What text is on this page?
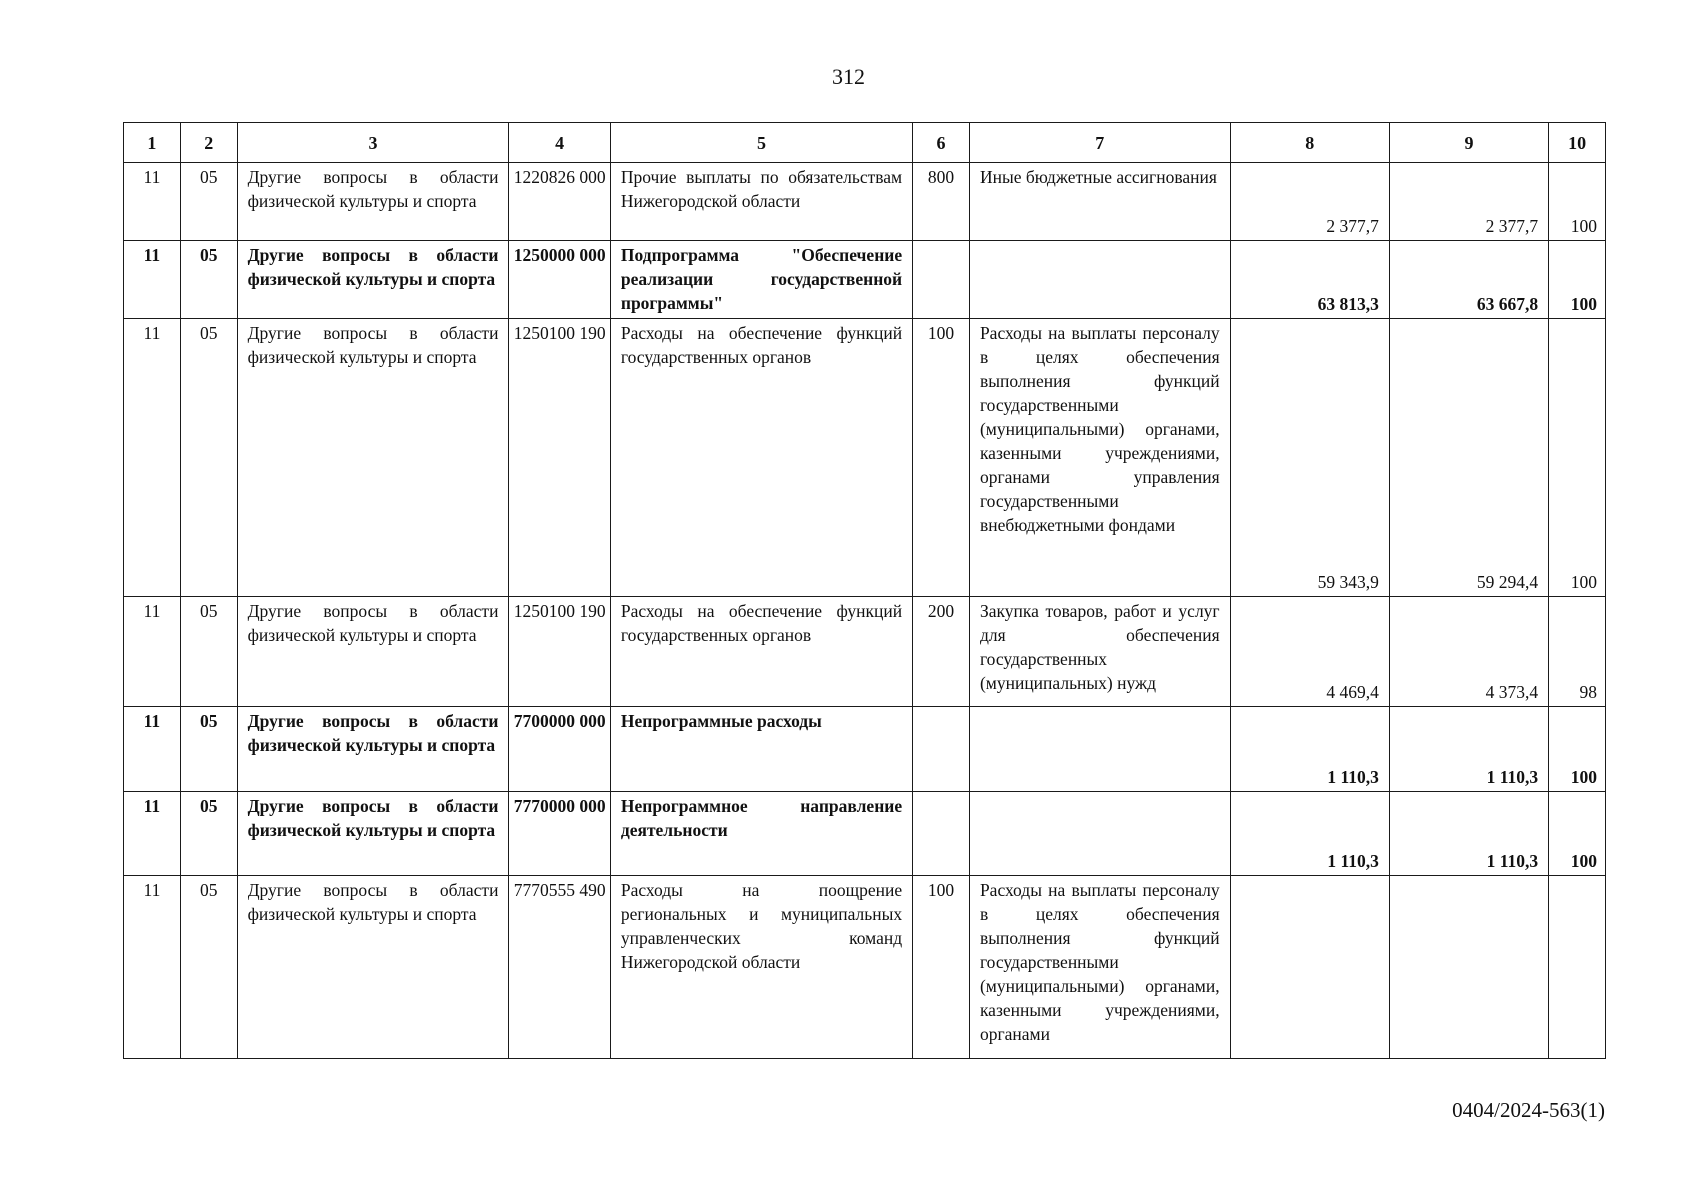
312
1	2	3	4	5	6	7	8	9	10
11	05	Другие вопросы в области физической культуры и спорта	1220826 000	Прочие выплаты по обязательствам Нижегородской области	800	Иные бюджетные ассигнования	2 377,7	2 377,7	100
11	05	Другие вопросы в области физической культуры и спорта	1250000 000	Подпрограмма "Обеспечение реализации государственной программы"			63 813,3	63 667,8	100
11	05	Другие вопросы в области физической культуры и спорта	1250100 190	Расходы на обеспечение функций государственных органов	100	Расходы на выплаты персоналу в целях обеспечения выполнения функций государственными (муниципальными) органами, казенными учреждениями, органами управления государственными внебюджетными фондами	59 343,9	59 294,4	100
11	05	Другие вопросы в области физической культуры и спорта	1250100 190	Расходы на обеспечение функций государственных органов	200	Закупка товаров, работ и услуг для обеспечения государственных (муниципальных) нужд	4 469,4	4 373,4	98
11	05	Другие вопросы в области физической культуры и спорта	7700000 000	Непрограммные расходы			1 110,3	1 110,3	100
11	05	Другие вопросы в области физической культуры и спорта	7770000 000	Непрограммное направление деятельности			1 110,3	1 110,3	100

11	05	Другие вопросы в области физической культуры и спорта	7770555 490	Расходы на поощрение региональных и муниципальных управленческих команд Нижегородской области	100	Расходы на выплаты персоналу в целях обеспечения выполнения функций государственными (муниципальными) органами, казенными учреждениями, органами			

0404/2024-563(1)
